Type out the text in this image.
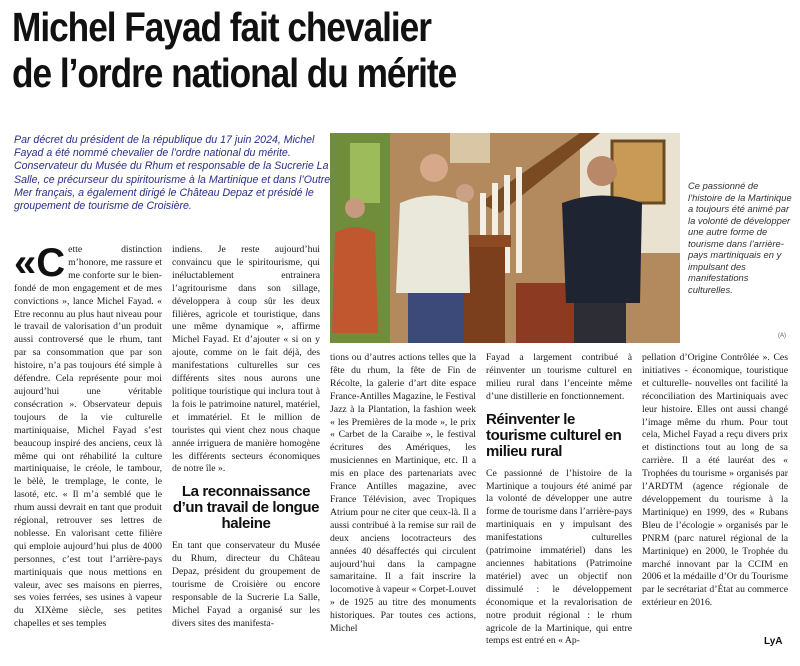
Michel Fayad fait chevalier
de l’ordre national du mérite
Par décret du président de la république du 17 juin 2024, Michel Fayad a été nommé chevalier de l’ordre national du mérite. Conservateur du Musée du Rhum et responsable de la Sucrerie La Salle, ce précurseur du spiritourisme à la Martinique et dans l’Outre Mer français, a également dirigé le Château Depaz et présidé le groupement de tourisme de Croisière.
Ce passionné de l’histoire de la Martinique a toujours été animé par la volonté de développer une autre forme de tourisme dans l’arrière-pays martiniquais en y impulsant des manifestations culturelles.
(A)
«C ette distinction m’honore, me rassure et me conforte sur le bien-fondé de mon engagement et de mes convictions », lance Michel Fayad. « Etre reconnu au plus haut niveau pour le travail de valorisation d’un produit aussi controversé que le rhum, tant par sa consommation que par son histoire, n’a pas toujours été simple à défendre. Cela représente pour moi aujourd’hui une véritable consécration ». Observateur depuis toujours de la vie culturelle martiniquaise, Michel Fayad s’est beaucoup inspiré des anciens, ceux là même qui ont réhabilité la culture martiniquaise, le créole, le tambour, le bèlè, le tremplage, le conte, le lasoté, etc. « Il m’a semblé que le rhum aussi devrait en tant que produit régional, retrouver ses lettres de noblesse. En valorisant cette filière qui emploie aujourd’hui plus de 4000 personnes, c’est tout l’arrière-pays martiniquais que nous mettions en valeur, avec ses maisons en pierres, ses voies ferrées, ses usines à vapeur du XIXème siècle, ses petites chapelles et ses temples

indiens. Je reste aujourd’hui convaincu que le spiritourisme, qui inéluctablement entrainera l’agritourisme dans son sillage, développera à coup sûr les deux filières, agricole et touristique, dans une même dynamique », affirme Michel Fayad. Et d’ajouter « si on y ajoute, comme on le fait déjà, des manifestations culturelles sur ces différents sites nous aurons une politique touristique qui inclura tout à la fois le patrimoine naturel, matériel, et immatériel. Et le million de touristes qui vient chez nous chaque année irriguera de manière homogène les différents secteurs économiques de notre île ».

La reconnaissance d’un travail de longue haleine

En tant que conservateur du Musée du Rhum, directeur du Château Depaz, président du groupement de tourisme de Croisière ou encore responsable de la Sucrerie La Salle, Michel Fayad a organisé sur les divers sites des manifesta-

tions ou d’autres actions telles que la fête du rhum, la fête de Fin de Récolte, la galerie d’art dite espace France-Antilles Magazine, le Festival Jazz à la Plantation, la fashion week « les Premières de la mode », le prix « Carbet de la Caraibe », le festival écritures des Amériques, les musiciennes en Martinique, etc. Il a mis en place des partenariats avec France Antilles magazine, avec France Télévision, avec Tropiques Atrium pour ne citer que ceux-là. Il a aussi contribué à la remise sur rail de deux anciens locotracteurs des années 40 désaffectés qui circulent aujourd’hui dans la campagne samaritaine. Il a fait inscrire la locomotive à vapeur « Corpet-Louvet » de 1925 au titre des monuments historiques. Par toutes ces actions, Michel

Fayad a largement contribué à réinventer un tourisme culturel en milieu rural dans l’enceinte même d’une distillerie en fonctionnement.

Réinventer le tourisme culturel en milieu rural

Ce passionné de l’histoire de la Martinique a toujours été animé par la volonté de développer une autre forme de tourisme dans l’arrière-pays martiniquais en y impulsant des manifestations culturelles (patrimoine immatériel) dans les anciennes habitations (Patrimoine matériel) avec un objectif non dissimulé : le développement économique et la revalorisation de notre produit régional : le rhum agricole de la Martinique, qui entre temps est entré en « Ap-

pellation d’Origine Contrôlée ». Ces initiatives - économique, touristique et culturelle- nouvelles ont facilité la réconciliation des Martiniquais avec leur histoire. Elles ont aussi changé l’image même du rhum. Pour tout cela, Michel Fayad a reçu divers prix et distinctions tout au long de sa carrière. Il a été lauréat des « Trophées du tourisme » organisés par l’ARDTM (agence régionale de développement du tourisme à la Martinique) en 1999, des « Rubans Bleu de l’écologie » organisés par le PNRM (parc naturel régional de la Martinique) en 2000, le Trophée du marché innovant par la CCIM en 2006 et la médaille d’Or du Tourisme par le secrétariat d’État au commerce extérieur en 2016.

LyA
